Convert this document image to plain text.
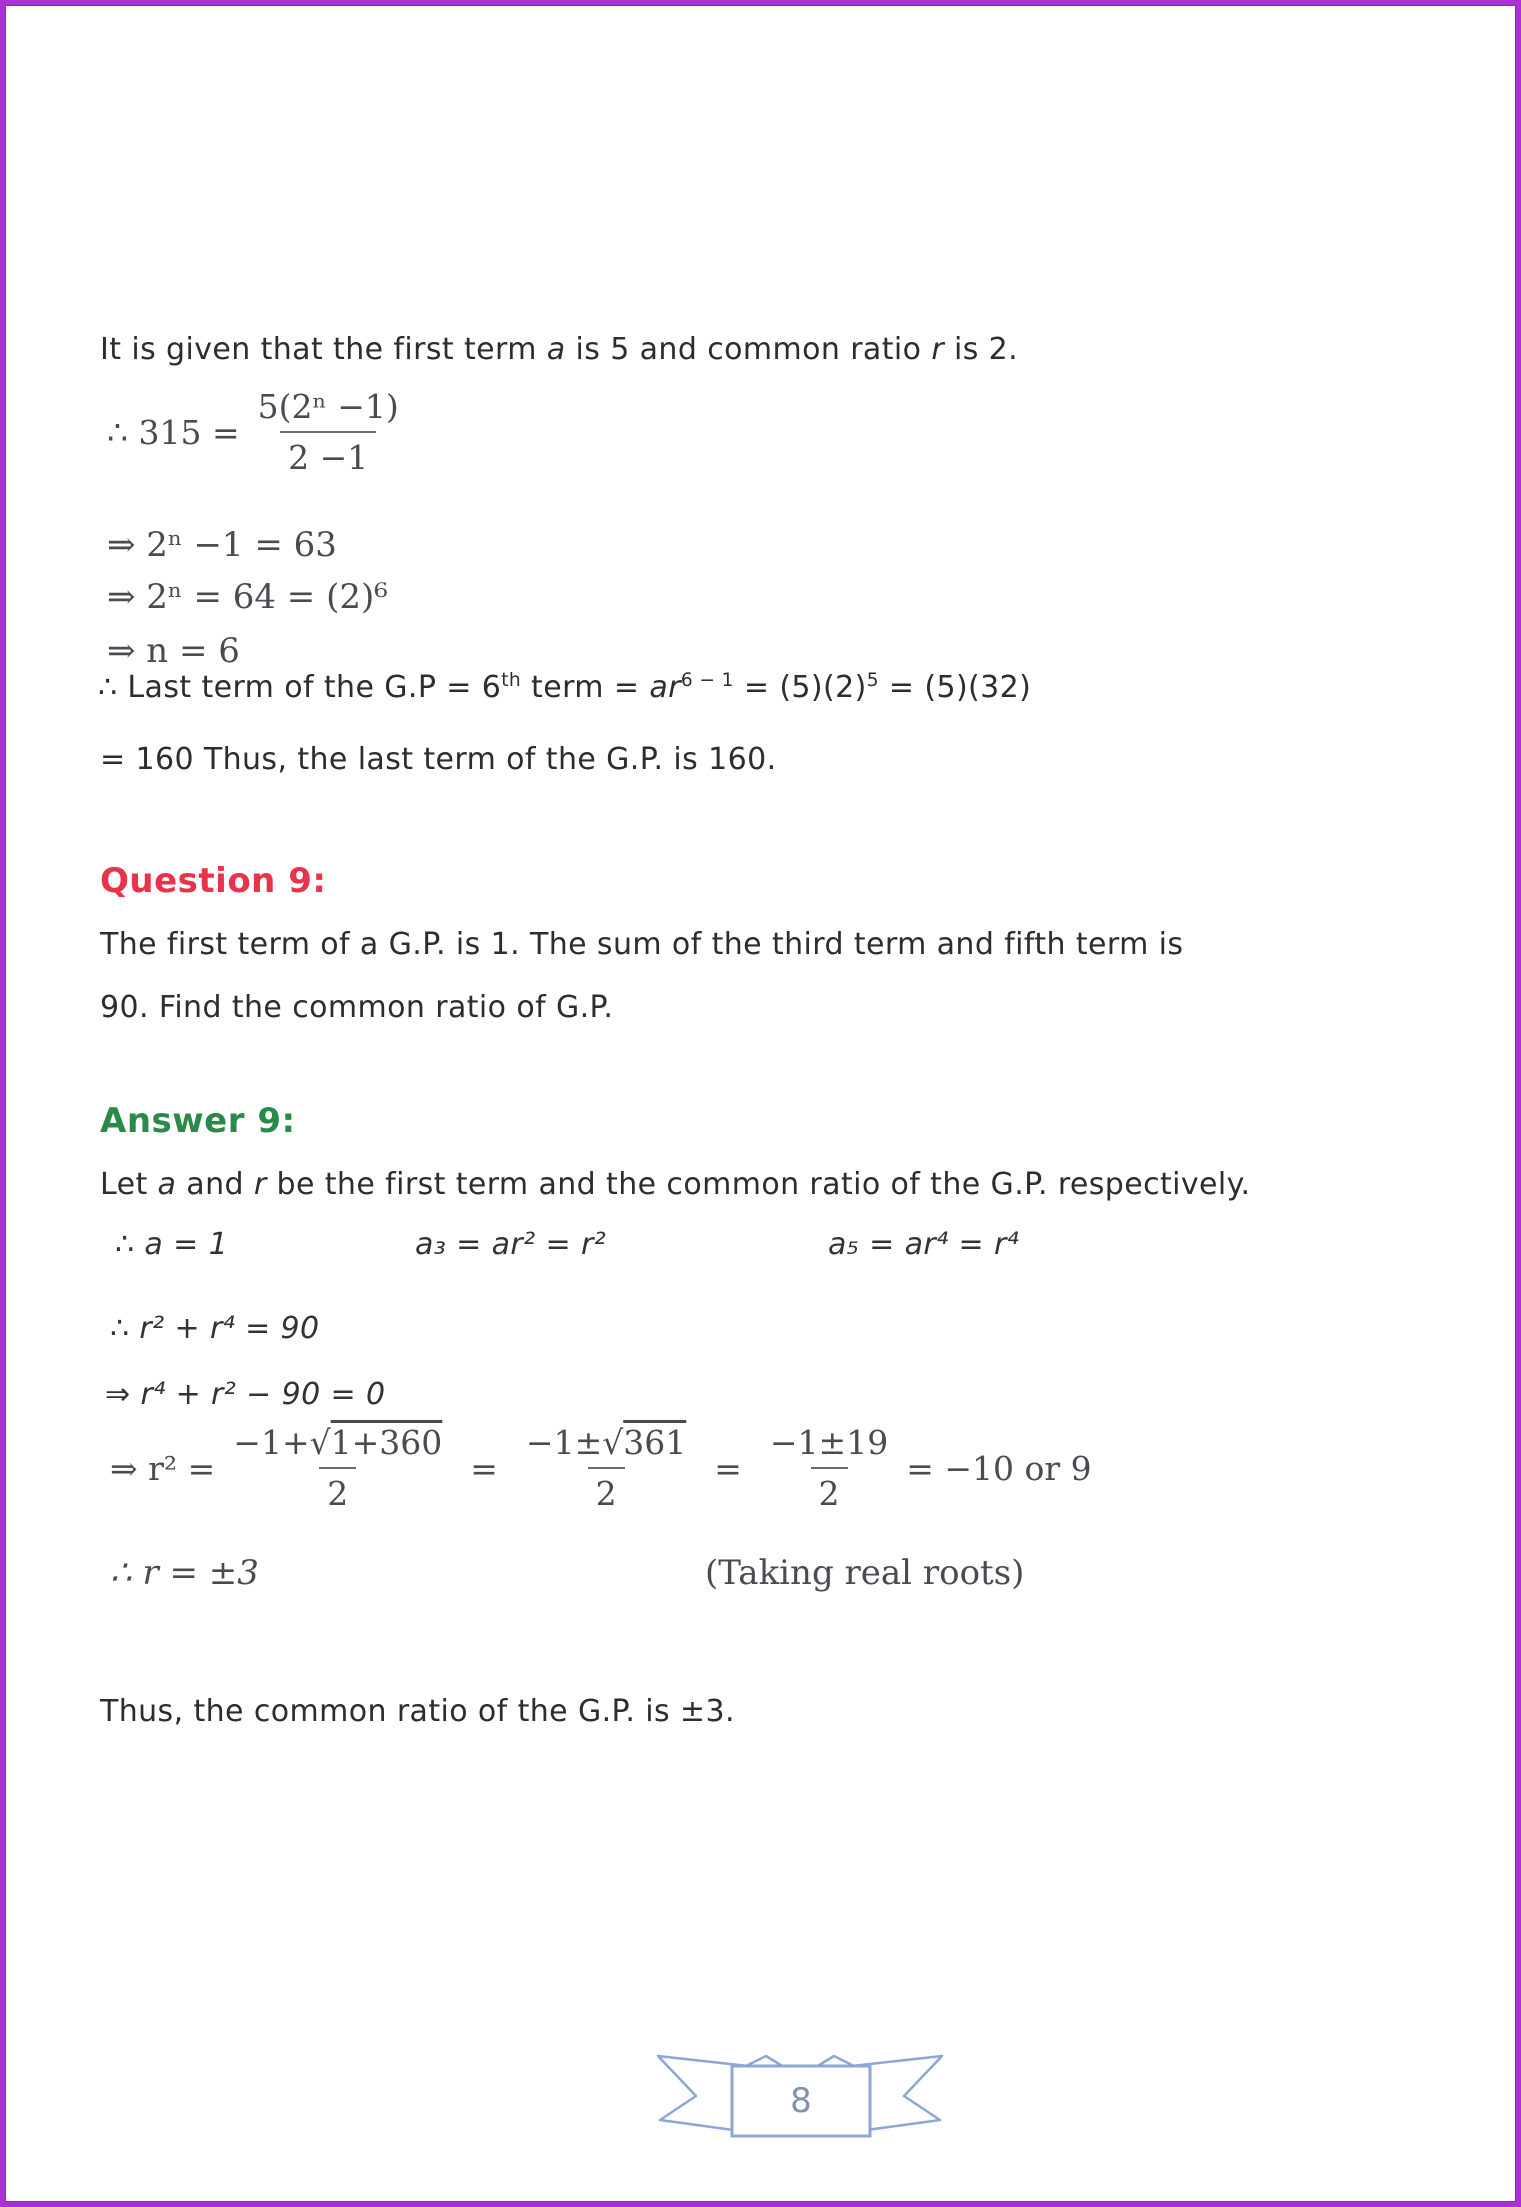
It is given that the first term a is 5 and common ratio r is 2.
∴ $315 = \frac{\text{5(2ⁿ −1)}}{2 -1}$
⇒ 2ⁿ −1 = 63
⇒ 2ⁿ = 64 = (2)⁶
⇒ n = 6
∴ Last term of the G.P = 6th term = $ar^{6 - 1} = (5)(2)^5 = (5)(32)$
= 160 Thus, the last term of the G.P. is 160.
Question 9:
The first term of a G.P. is 1. The sum of the third term and fifth term is
90. Find the common ratio of G.P.
Answer 9:
Let a and r be the first term and the common ratio of the G.P. respectively.
∴ a = 1	a₃ = ar² = r²	a₅ = ar⁴ = r⁴
∴ r² + r⁴ = 90
⇒ r⁴ + r² − 90 = 0
⇒ $r^2 = \frac{-1+√1+360}{2} = \frac{-1\pm√361}{2} = \frac{-1\pm 19}{2} = -10$ or 9
∴ r = ±3	(Taking real roots)
Thus, the common ratio of the G.P. is ±3.
8
